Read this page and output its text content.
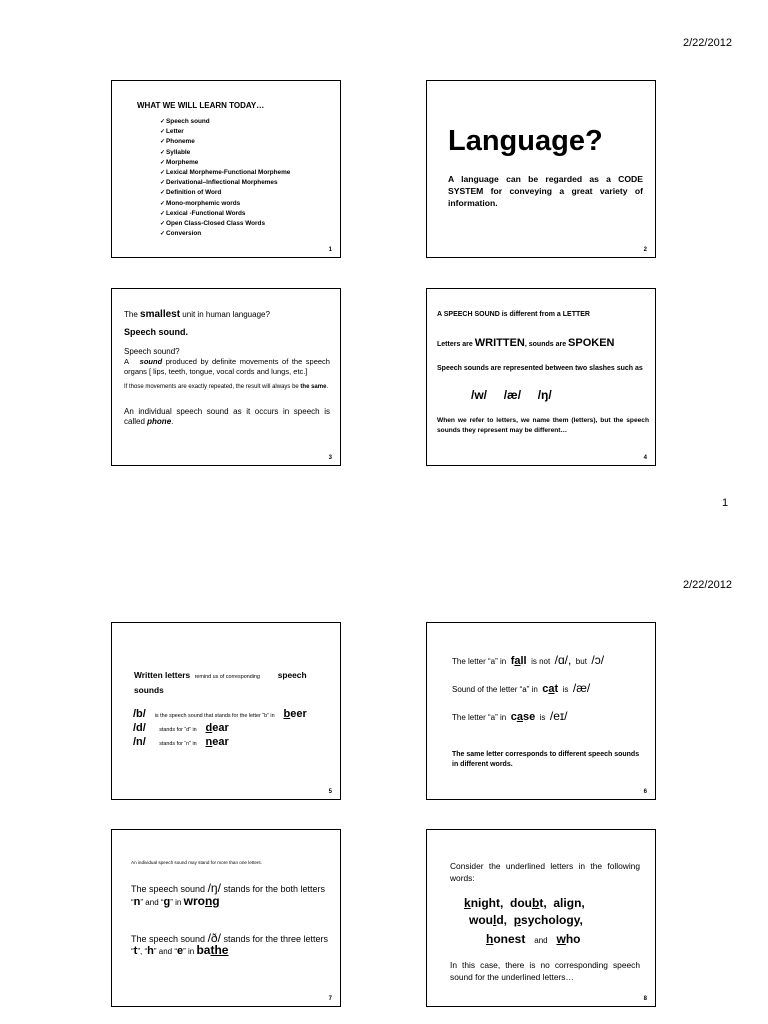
2/22/2012
WHAT WE WILL LEARN TODAY…
✓ Speech sound
✓ Letter
✓ Phoneme
✓ Syllable
✓ Morpheme
✓ Lexical Morpheme-Functional Morpheme
✓ Derivational–Inflectional Morphemes
✓ Definition of Word
✓ Mono-morphemic words
✓ Lexical -Functional Words
✓ Open Class-Closed Class Words
✓ Conversion
1
Language?
A language can be regarded as a CODE SYSTEM for conveying a great variety of information.
2
The smallest unit in human language?
Speech sound.
Speech sound?
A sound produced by definite movements of the speech organs [ lips, teeth, tongue, vocal cords and lungs, etc.]
If those movements are exactly repeated, the result will always be the same.
An individual speech sound as it occurs in speech is called phone.
3
A SPEECH SOUND is different from a LETTER
Letters are WRITTEN, sounds are SPOKEN
Speech sounds are represented between two slashes such as
/w/ /æ/ /ŋ/
When we refer to letters, we name them (letters), but the speech sounds they represent may be different…
4
1
2/22/2012
Written letters remind us of corresponding speech
sounds
/b/ is the speech sound that stands for the letter “b” in beer
/d/ stands for “d” in dear
/n/ stands for “n” in near
5
The letter “a” in fall is not /ɑ/, but /ɔ/
Sound of the letter “a” in cat is /æ/
The letter “a” in case is /eɪ/
The same letter corresponds to different speech sounds in different words.
6
An individual speech sound may stand for more than one letters.
The speech sound /ŋ/ stands for the both letters
“n” and “g” in wrong
The speech sound /ð/ stands for the three letters
“t”, “h” and “e” in bathe
7
Consider the underlined letters in the following words:
knight, doubt, align,
would, psychology,
honest and who
In this case, there is no corresponding speech sound for the underlined letters…
8
